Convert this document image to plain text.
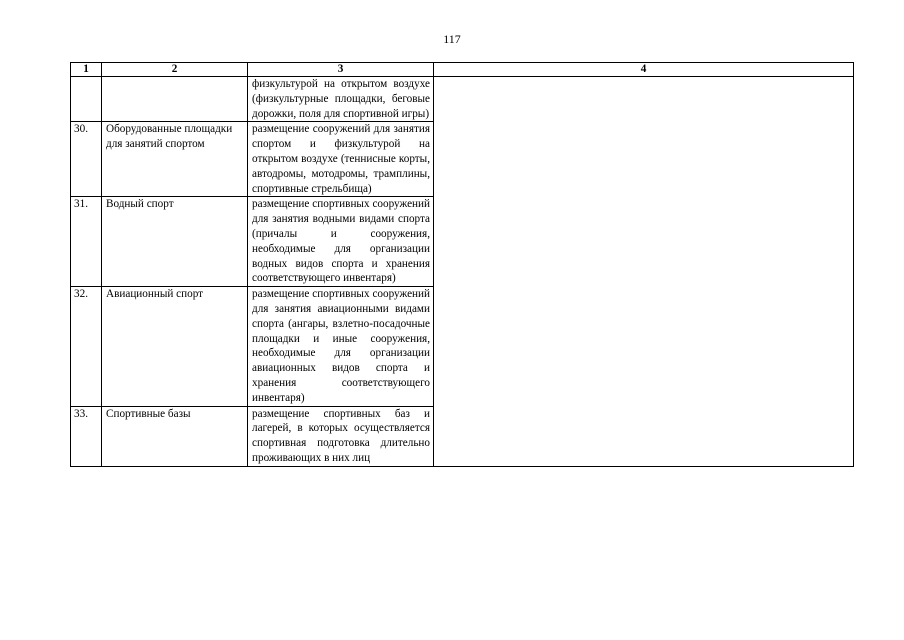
117
1	2	3	4
		физкультурой на открытом воздухе (физкультурные площадки, беговые дорожки, поля для спортивной игры)	
30.	Оборудованные площадки для занятий спортом	размещение сооружений для занятия спортом и физкультурой на открытом воздухе (теннисные корты, автодромы, мотодромы, трамплины, спортивные стрельбища)	
31.	Водный спорт	размещение спортивных сооружений для занятия водными видами спорта (причалы и сооружения, необходимые для организации водных видов спорта и хранения соответствующего инвентаря)	
32.	Авиационный спорт	размещение спортивных сооружений для занятия авиационными видами спорта (ангары, взлетно-посадочные площадки и иные сооружения, необходимые для организации авиационных видов спорта и хранения соответствующего инвентаря)	
33.	Спортивные базы	размещение спортивных баз и лагерей, в которых осуществляется спортивная подготовка длительно проживающих в них лиц	
